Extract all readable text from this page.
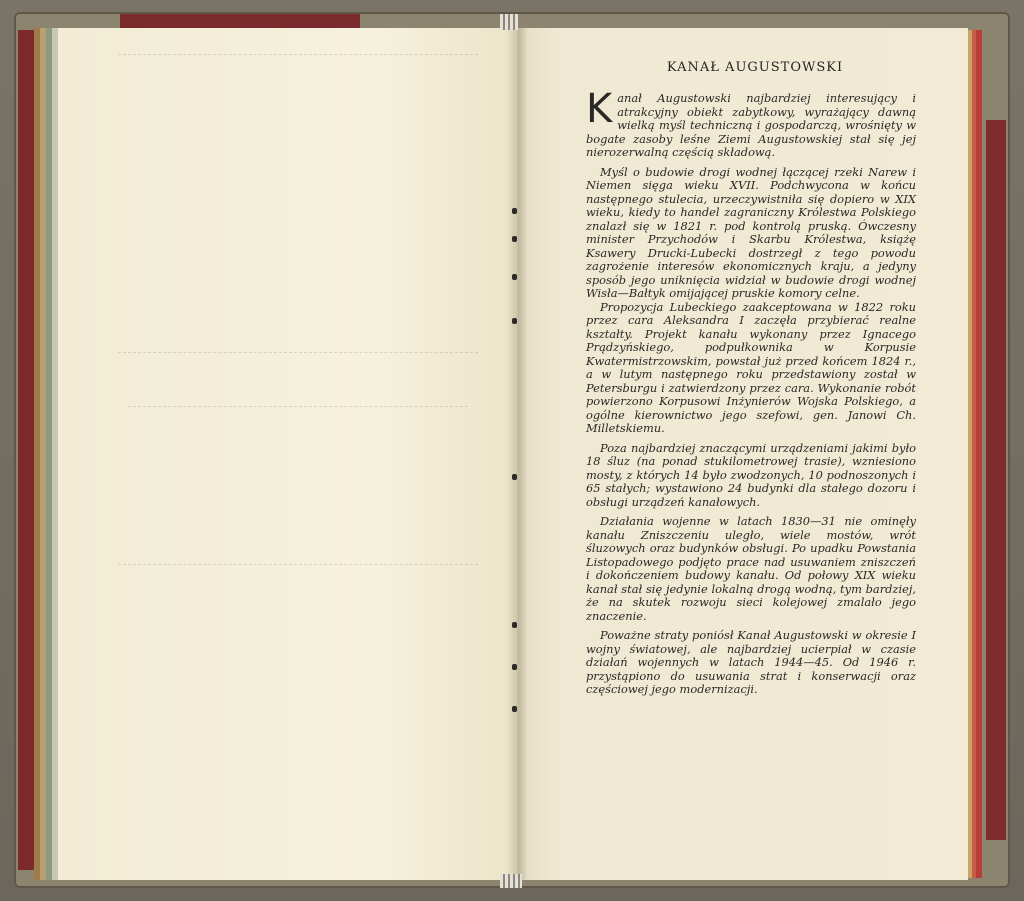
KANAŁ AUGUSTOWSKI

Kanał Augustowski najbardziej interesujący i atrakcyjny obiekt zabytkowy, wyrażający dawną wielką myśl techniczną i gospodarczą, wrośnięty w bogate zasoby leśne Ziemi Augustowskiej stał się jej nierozerwalną częścią składową.

Myśl o budowie drogi wodnej łączącej rzeki Narew i Niemen sięga wieku XVII. Podchwycona w końcu następnego stulecia, urzeczywistniła się dopiero w XIX wieku, kiedy to handel zagraniczny Królestwa Polskiego znalazł się w 1821 r. pod kontrolą pruską. Ówczesny minister Przychodów i Skarbu Królestwa, książę Ksawery Drucki-Lubecki dostrzegł z tego powodu zagrożenie interesów ekonomicznych kraju, a jedyny sposób jego uniknięcia widział w budowie drogi wodnej Wisła—Bałtyk omijającej pruskie komory celne.

Propozycja Lubeckiego zaakceptowana w 1822 roku przez cara Aleksandra I zaczęła przybierać realne kształty. Projekt kanału wykonany przez Ignacego Prądzyńskiego, podpułkownika w Korpusie Kwatermistrzowskim, powstał już przed końcem 1824 r., a w lutym następnego roku przedstawiony został w Petersburgu i zatwierdzony przez cara. Wykonanie robót powierzono Korpusowi Inżynierów Wojska Polskiego, a ogólne kierownictwo jego szefowi, gen. Janowi Ch. Milletskiemu.

Poza najbardziej znaczącymi urządzeniami jakimi było 18 śluz (na ponad stukilometrowej trasie), wzniesiono mosty, z których 14 było zwodzonych, 10 podnoszonych i 65 stałych; wystawiono 24 budynki dla stałego dozoru i obsługi urządzeń kanałowych.

Działania wojenne w latach 1830—31 nie ominęły kanału Zniszczeniu uległo, wiele mostów, wrót śluzowych oraz budynków obsługi. Po upadku Powstania Listopadowego podjęto prace nad usuwaniem zniszczeń i dokończeniem budowy kanału. Od połowy XIX wieku kanał stał się jedynie lokalną drogą wodną, tym bardziej, że na skutek rozwoju sieci kolejowej zmalało jego znaczenie.

Poważne straty poniósł Kanał Augustowski w okresie I wojny światowej, ale najbardziej ucierpiał w czasie działań wojennych w latach 1944—45. Od 1946 r. przystąpiono do usuwania strat i konserwacji oraz częściowej jego modernizacji.
